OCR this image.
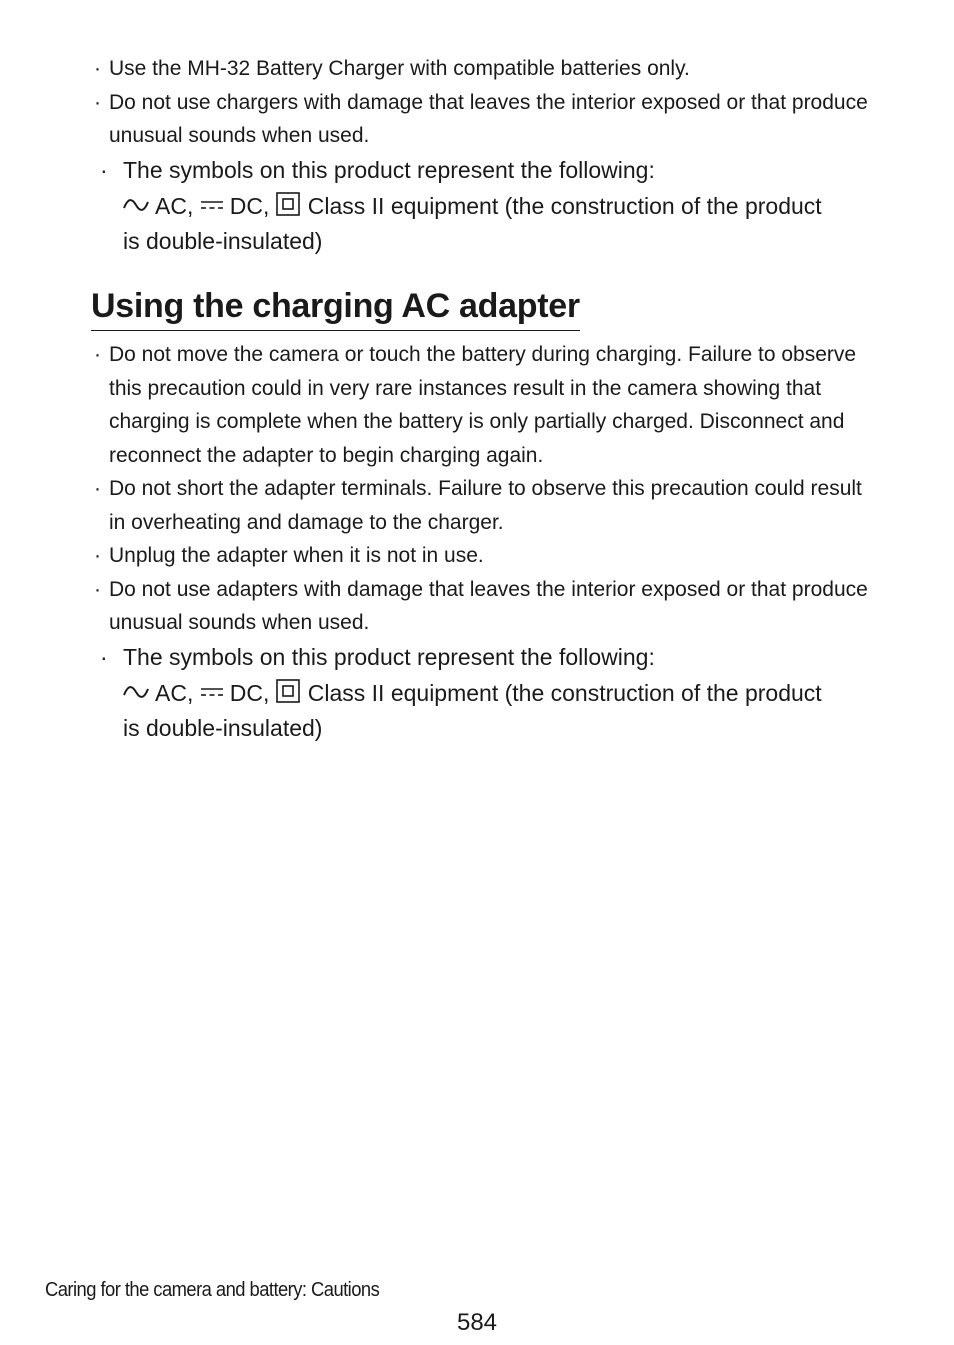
· Use the MH-32 Battery Charger with compatible batteries only.
· Do not use chargers with damage that leaves the interior exposed or that produce unusual sounds when used.
· The symbols on this product represent the following:
AC, DC, Class II equipment (the construction of the product
is double-insulated)
Using the charging AC adapter
· Do not move the camera or touch the battery during charging. Failure to observe this precaution could in very rare instances result in the camera showing that charging is complete when the battery is only partially charged. Disconnect and reconnect the adapter to begin charging again.
· Do not short the adapter terminals. Failure to observe this precaution could result in overheating and damage to the charger.
· Unplug the adapter when it is not in use.
· Do not use adapters with damage that leaves the interior exposed or that produce unusual sounds when used.
· The symbols on this product represent the following:
AC, DC, Class II equipment (the construction of the product
is double-insulated)
Caring for the camera and battery: Cautions
584
